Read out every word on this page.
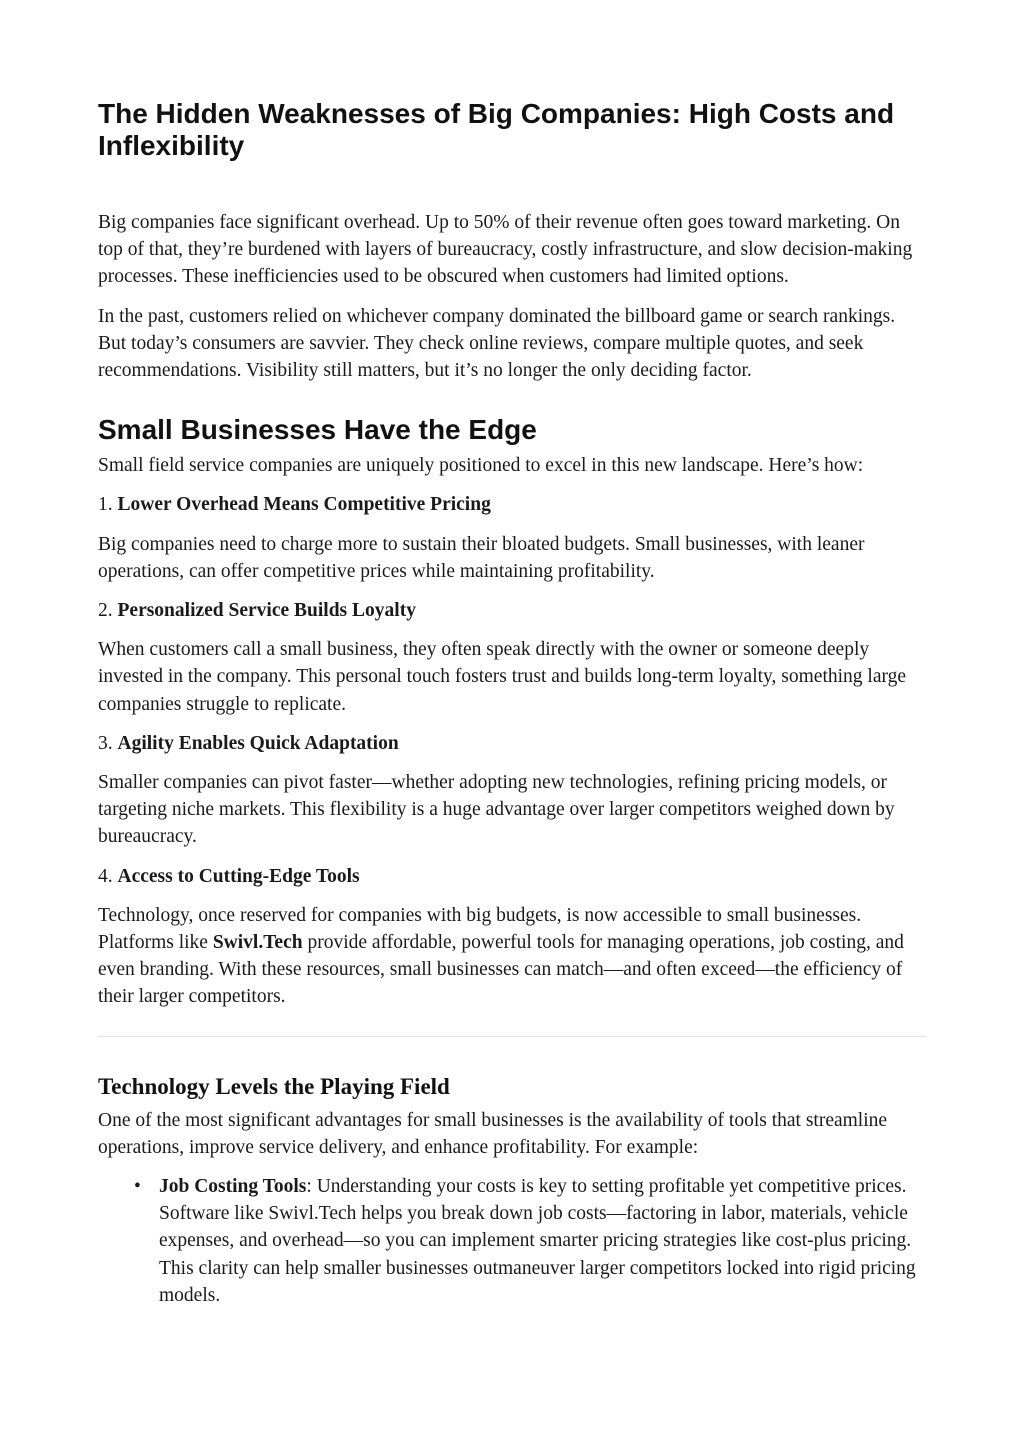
The Hidden Weaknesses of Big Companies: High Costs and Inflexibility

Big companies face significant overhead. Up to 50% of their revenue often goes toward marketing. On top of that, they’re burdened with layers of bureaucracy, costly infrastructure, and slow decision-making processes. These inefficiencies used to be obscured when customers had limited options.

In the past, customers relied on whichever company dominated the billboard game or search rankings. But today’s consumers are savvier. They check online reviews, compare multiple quotes, and seek recommendations. Visibility still matters, but it’s no longer the only deciding factor.

Small Businesses Have the Edge

Small field service companies are uniquely positioned to excel in this new landscape. Here’s how:

1. Lower Overhead Means Competitive Pricing

Big companies need to charge more to sustain their bloated budgets. Small businesses, with leaner operations, can offer competitive prices while maintaining profitability.

2. Personalized Service Builds Loyalty

When customers call a small business, they often speak directly with the owner or someone deeply invested in the company. This personal touch fosters trust and builds long-term loyalty, something large companies struggle to replicate.

3. Agility Enables Quick Adaptation

Smaller companies can pivot faster—whether adopting new technologies, refining pricing models, or targeting niche markets. This flexibility is a huge advantage over larger competitors weighed down by bureaucracy.

4. Access to Cutting-Edge Tools

Technology, once reserved for companies with big budgets, is now accessible to small businesses. Platforms like Swivl.Tech provide affordable, powerful tools for managing operations, job costing, and even branding. With these resources, small businesses can match—and often exceed—the efficiency of their larger competitors.

Technology Levels the Playing Field

One of the most significant advantages for small businesses is the availability of tools that streamline operations, improve service delivery, and enhance profitability. For example:

• Job Costing Tools: Understanding your costs is key to setting profitable yet competitive prices. Software like Swivl.Tech helps you break down job costs—factoring in labor, materials, vehicle expenses, and overhead—so you can implement smarter pricing strategies like cost-plus pricing. This clarity can help smaller businesses outmaneuver larger competitors locked into rigid pricing models.
